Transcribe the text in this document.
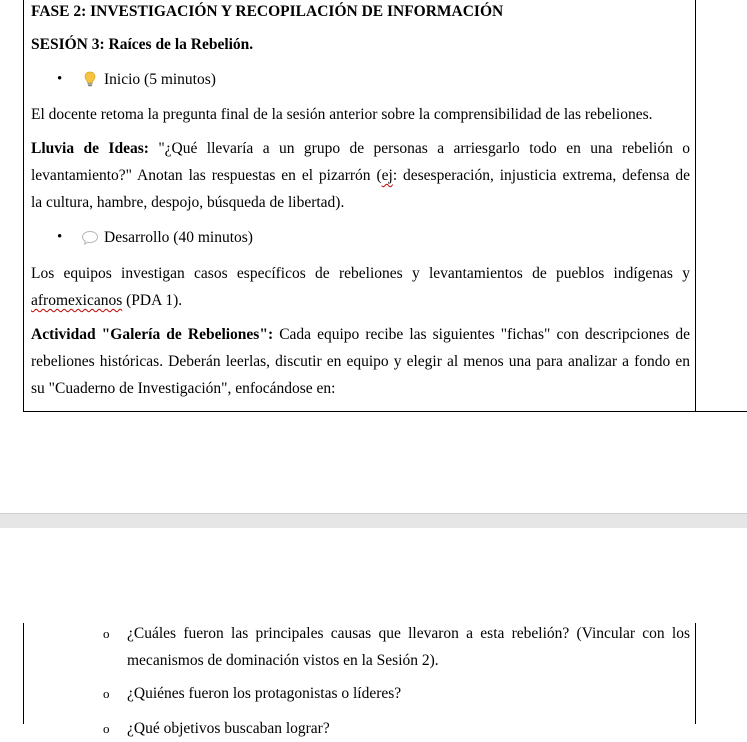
FASE 2: INVESTIGACIÓN Y RECOPILACIÓN DE INFORMACIÓN

SESIÓN 3: Raíces de la Rebelión.

•	Inicio (5 minutos)

El docente retoma la pregunta final de la sesión anterior sobre la comprensibilidad de las rebeliones.

Lluvia de Ideas: "¿Qué llevaría a un grupo de personas a arriesgarlo todo en una rebelión o
levantamiento?" Anotan las respuestas en el pizarrón (ej: desesperación, injusticia extrema, defensa de
la cultura, hambre, despojo, búsqueda de libertad).
•	Desarrollo (40 minutos)
Los equipos investigan casos específicos de rebeliones y levantamientos de pueblos indígenas y
afromexicanos (PDA 1).
Actividad "Galería de Rebeliones": Cada equipo recibe las siguientes "fichas" con descripciones de
rebeliones históricas. Deberán leerlas, discutir en equipo y elegir al menos una para analizar a fondo en
su "Cuaderno de Investigación", enfocándose en:
o ¿Cuáles fueron las principales causas que llevaron a esta rebelión? (Vincular con los
mecanismos de dominación vistos en la Sesión 2).
o ¿Quiénes fueron los protagonistas o líderes?
o ¿Qué objetivos buscaban lograr?
